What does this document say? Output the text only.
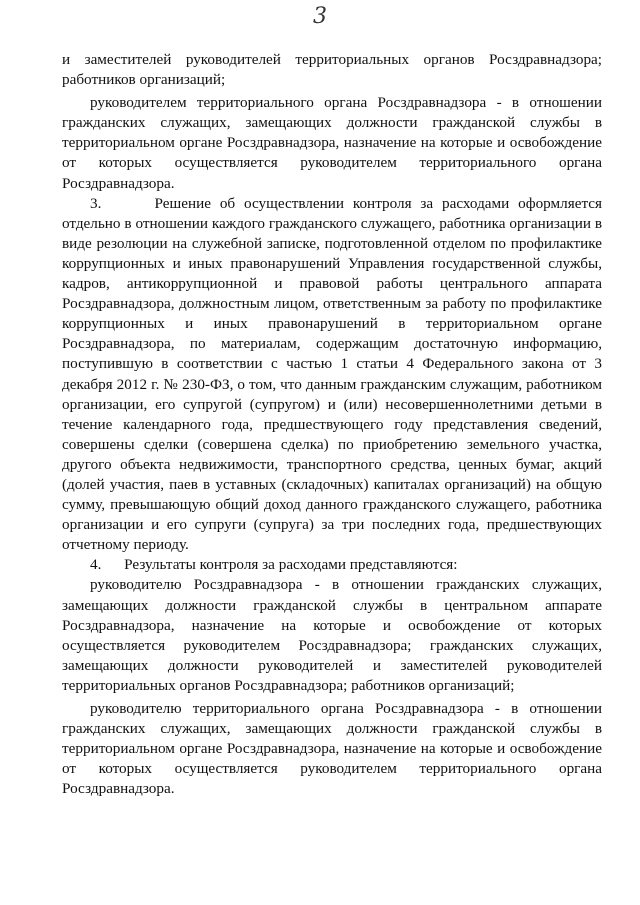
3

и заместителей руководителей территориальных органов Росздравнадзора; работников организаций;

руководителем территориального органа Росздравнадзора - в отношении гражданских служащих, замещающих должности гражданской службы в территориальном органе Росздравнадзора, назначение на которые и освобождение от которых осуществляется руководителем территориального органа Росздравнадзора.

3.      Решение об осуществлении контроля за расходами оформляется отдельно в отношении каждого гражданского служащего, работника организации в виде резолюции на служебной записке, подготовленной отделом по профилактике коррупционных и иных правонарушений Управления государственной службы, кадров, антикоррупционной и правовой работы центрального аппарата Росздравнадзора, должностным лицом, ответственным за работу по профилактике коррупционных и иных правонарушений в территориальном органе Росздравнадзора, по материалам, содержащим достаточную информацию, поступившую в соответствии с частью 1 статьи 4 Федерального закона от 3 декабря 2012 г. № 230-ФЗ, о том, что данным гражданским служащим, работником организации, его супругой (супругом) и (или) несовершеннолетними детьми в течение календарного года, предшествующего году представления сведений, совершены сделки (совершена сделка) по приобретению земельного участка, другого объекта недвижимости, транспортного средства, ценных бумаг, акций (долей участия, паев в уставных (складочных) капиталах организаций) на общую сумму, превышающую общий доход данного гражданского служащего, работника организации и его супруги (супруга) за три последних года, предшествующих отчетному периоду.

4.      Результаты контроля за расходами представляются:

руководителю Росздравнадзора - в отношении гражданских служащих, замещающих должности гражданской службы в центральном аппарате Росздравнадзора, назначение на которые и освобождение от которых осуществляется руководителем Росздравнадзора; гражданских служащих, замещающих должности руководителей и заместителей руководителей территориальных органов Росздравнадзора; работников организаций;

руководителю территориального органа Росздравнадзора - в отношении гражданских служащих, замещающих должности гражданской службы в территориальном органе Росздравнадзора, назначение на которые и освобождение от которых осуществляется руководителем территориального органа Росздравнадзора.
